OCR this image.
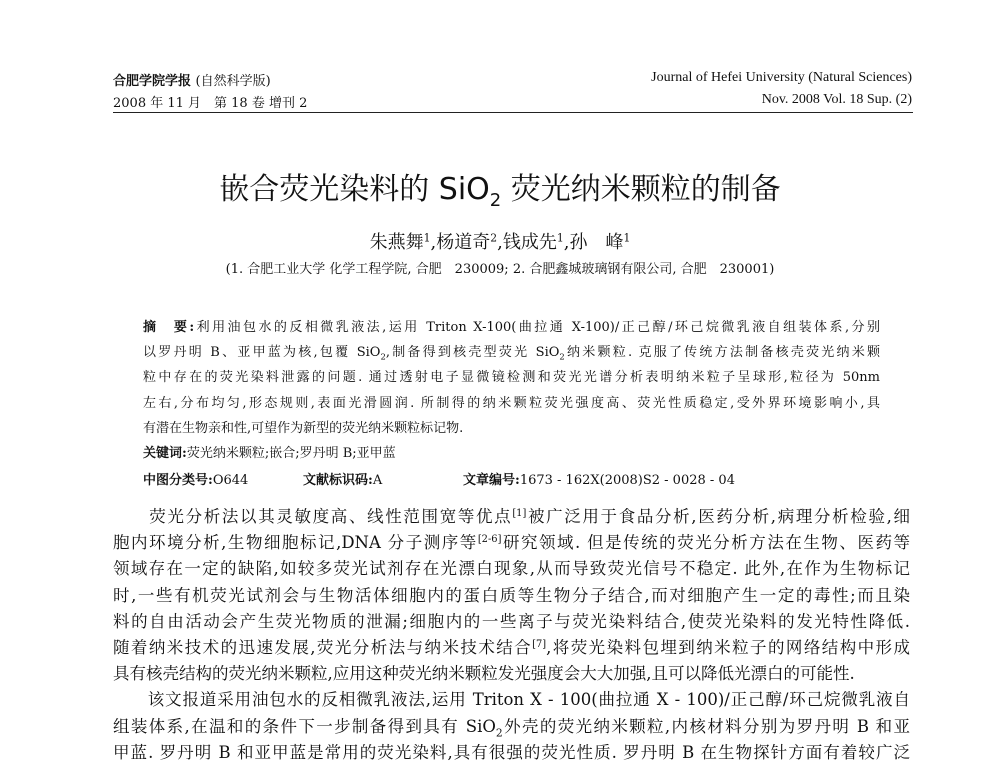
合肥学院学报 (自然科学版)
2008 年 11 月　第 18 卷 增刊 2
Journal of Hefei University (Natural Sciences)
Nov. 2008 Vol. 18 Sup. (2)
嵌合荧光染料的 SiO$_2$ 荧光纳米颗粒的制备
朱燕舞$^1$,杨道奇$^2$,钱成先$^1$,孙　峰$^1$
(1. 合肥工业大学 化学工程学院, 合肥　230009; 2. 合肥鑫城玻璃钢有限公司, 合肥　230001)
摘　要:利用油包水的反相微乳液法,运用 Triton X-100(曲拉通 X-100)/正己醇/环己烷微乳液自组装体系,分别
以罗丹明 B、亚甲蓝为核,包覆 SiO$_2$,制备得到核壳型荧光 SiO$_2$纳米颗粒. 克服了传统方法制备核壳荧光纳米颗
粒中存在的荧光染料泄露的问题. 通过透射电子显微镜检测和荧光光谱分析表明纳米粒子呈球形,粒径为 50nm
左右,分布均匀,形态规则,表面光滑圆润. 所制得的纳米颗粒荧光强度高、荧光性质稳定,受外界环境影响小,具
有潜在生物亲和性,可望作为新型的荧光纳米颗粒标记物.
关键词:荧光纳米颗粒;嵌合;罗丹明 B;亚甲蓝
中图分类号:O644	文献标识码:A	文章编号:1673 - 162X(2008)S2 - 0028 - 04
　　荧光分析法以其灵敏度高、线性范围宽等优点[1]被广泛用于食品分析,医药分析,病理分析检验,细
胞内环境分析,生物细胞标记,DNA 分子测序等[2-6]研究领域. 但是传统的荧光分析方法在生物、医药等
领域存在一定的缺陷,如较多荧光试剂存在光漂白现象,从而导致荧光信号不稳定. 此外,在作为生物标记
时,一些有机荧光试剂会与生物活体细胞内的蛋白质等生物分子结合,而对细胞产生一定的毒性;而且染
料的自由活动会产生荧光物质的泄漏;细胞内的一些离子与荧光染料结合,使荧光染料的发光特性降低.
随着纳米技术的迅速发展,荧光分析法与纳米技术结合[7],将荧光染料包埋到纳米粒子的网络结构中形成
具有核壳结构的荧光纳米颗粒,应用这种荧光纳米颗粒发光强度会大大加强,且可以降低光漂白的可能性.
　　该文报道采用油包水的反相微乳液法,运用 Triton X - 100(曲拉通 X - 100)/正己醇/环己烷微乳液自
组装体系,在温和的条件下一步制备得到具有 SiO$_2$外壳的荧光纳米颗粒,内核材料分别为罗丹明 B 和亚
甲蓝. 罗丹明 B 和亚甲蓝是常用的荧光染料,具有很强的荧光性质. 罗丹明 B 在生物探针方面有着较广泛
